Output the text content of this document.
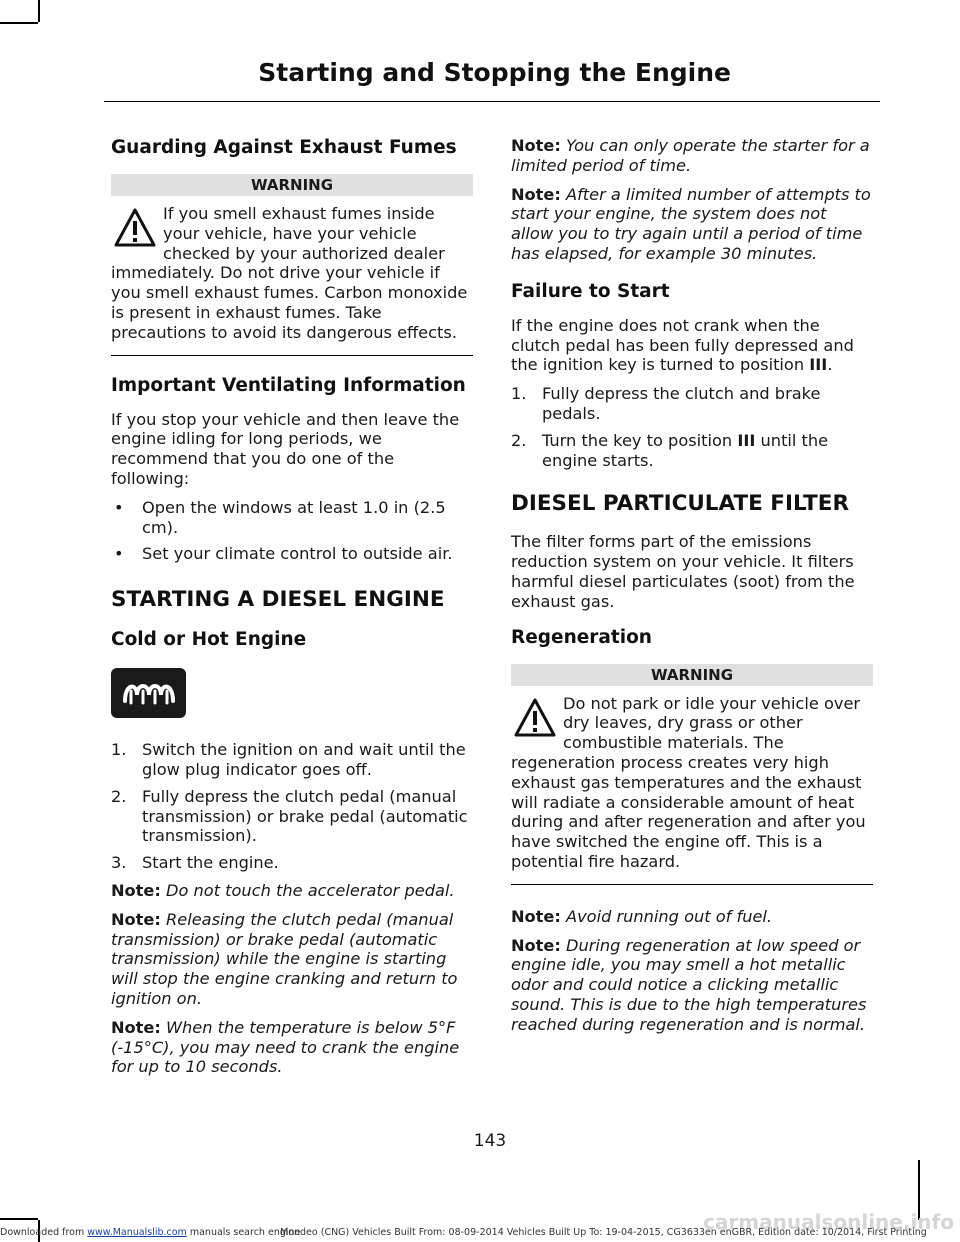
Starting and Stopping the Engine
Guarding Against Exhaust Fumes
WARNING

If you smell exhaust fumes inside your vehicle, have your vehicle checked by your authorized dealer immediately. Do not drive your vehicle if you smell exhaust fumes. Carbon monoxide is present in exhaust fumes. Take precautions to avoid its dangerous effects.

Important Ventilating Information

If you stop your vehicle and then leave the engine idling for long periods, we recommend that you do one of the following:

• Open the windows at least 1.0 in (2.5 cm).
• Set your climate control to outside air.
STARTING A DIESEL ENGINE
Cold or Hot Engine
1. Switch the ignition on and wait until the glow plug indicator goes off.
2. Fully depress the clutch pedal (manual transmission) or brake pedal (automatic transmission).
3. Start the engine.

Note: Do not touch the accelerator pedal.

Note: Releasing the clutch pedal (manual transmission) or brake pedal (automatic transmission) while the engine is starting will stop the engine cranking and return to ignition on.

Note: When the temperature is below 5°F (-15°C), you may need to crank the engine for up to 10 seconds.

Note: You can only operate the starter for a limited period of time.

Note: After a limited number of attempts to start your engine, the system does not allow you to try again until a period of time has elapsed, for example 30 minutes.

Failure to Start

If the engine does not crank when the clutch pedal has been fully depressed and the ignition key is turned to position III.

1. Fully depress the clutch and brake pedals.
2. Turn the key to position III until the engine starts.
DIESEL PARTICULATE FILTER

The filter forms part of the emissions reduction system on your vehicle. It filters harmful diesel particulates (soot) from the exhaust gas.

Regeneration
WARNING

Do not park or idle your vehicle over dry leaves, dry grass or other combustible materials. The regeneration process creates very high exhaust gas temperatures and the exhaust will radiate a considerable amount of heat during and after regeneration and after you have switched the engine off. This is a potential fire hazard.

Note: Avoid running out of fuel.

Note: During regeneration at low speed or engine idle, you may smell a hot metallic odor and could notice a clicking metallic sound. This is due to the high temperatures reached during regeneration and is normal.

143
carmanualsonline.info
Downloaded from www.Manualslib.com manuals search engine
Mondeo (CNG) Vehicles Built From: 08-09-2014 Vehicles Built Up To: 19-04-2015, CG3633en enGBR, Edition date: 10/2014, First Printing
